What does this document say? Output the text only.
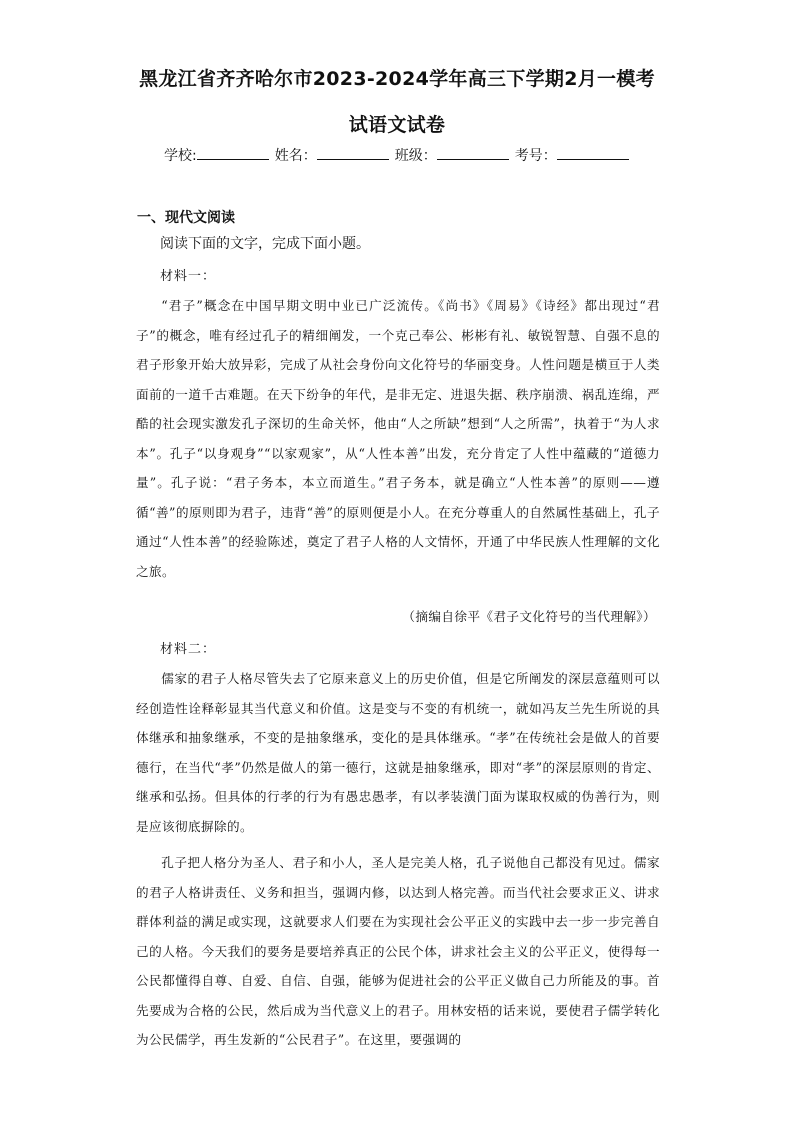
黑龙江省齐齐哈尔市2023-2024学年高三下学期2月一模考
试语文试卷
学校:	姓名：	班级：	考号：
一、现代文阅读
阅读下面的文字，完成下面小题。
材料一：

“君子”概念在中国早期文明中业已广泛流传。《尚书》《周易》《诗经》都出现过“君子”的概念，唯有经过孔子的精细阐发，一个克己奉公、彬彬有礼、敏锐智慧、自强不息的君子形象开始大放异彩，完成了从社会身份向文化符号的华丽变身。人性问题是横亘于人类面前的一道千古难题。在天下纷争的年代，是非无定、进退失据、秩序崩溃、祸乱连绵，严酷的社会现实激发孔子深切的生命关怀，他由“人之所缺”想到“人之所需”，执着于“为人求本”。孔子“以身观身”“以家观家”，从“人性本善”出发，充分肯定了人性中蕴藏的“道德力量”。孔子说：“君子务本，本立而道生。”君子务本，就是确立“人性本善”的原则——遵循“善”的原则即为君子，违背“善”的原则便是小人。在充分尊重人的自然属性基础上，孔子通过“人性本善”的经验陈述，奠定了君子人格的人文情怀，开通了中华民族人性理解的文化之旅。

（摘编自徐平《君子文化符号的当代理解》）
材料二：

儒家的君子人格尽管失去了它原来意义上的历史价值，但是它所阐发的深层意蕴则可以经创造性诠释彰显其当代意义和价值。这是变与不变的有机统一，就如冯友兰先生所说的具体继承和抽象继承，不变的是抽象继承，变化的是具体继承。“孝”在传统社会是做人的首要德行，在当代“孝”仍然是做人的第一德行，这就是抽象继承，即对“孝”的深层原则的肯定、继承和弘扬。但具体的行孝的行为有愚忠愚孝，有以孝装潢门面为谋取权威的伪善行为，则是应该彻底摒除的。

孔子把人格分为圣人、君子和小人，圣人是完美人格，孔子说他自己都没有见过。儒家的君子人格讲责任、义务和担当，强调内修，以达到人格完善。而当代社会要求正义、讲求群体利益的满足或实现，这就要求人们要在为实现社会公平正义的实践中去一步一步完善自己的人格。今天我们的要务是要培养真正的公民个体，讲求社会主义的公平正义，使得每一公民都懂得自尊、自爱、自信、自强，能够为促进社会的公平正义做自己力所能及的事。首先要成为合格的公民，然后成为当代意义上的君子。用林安梧的话来说，要使君子儒学转化为公民儒学，再生发新的“公民君子”。在这里，要强调的
